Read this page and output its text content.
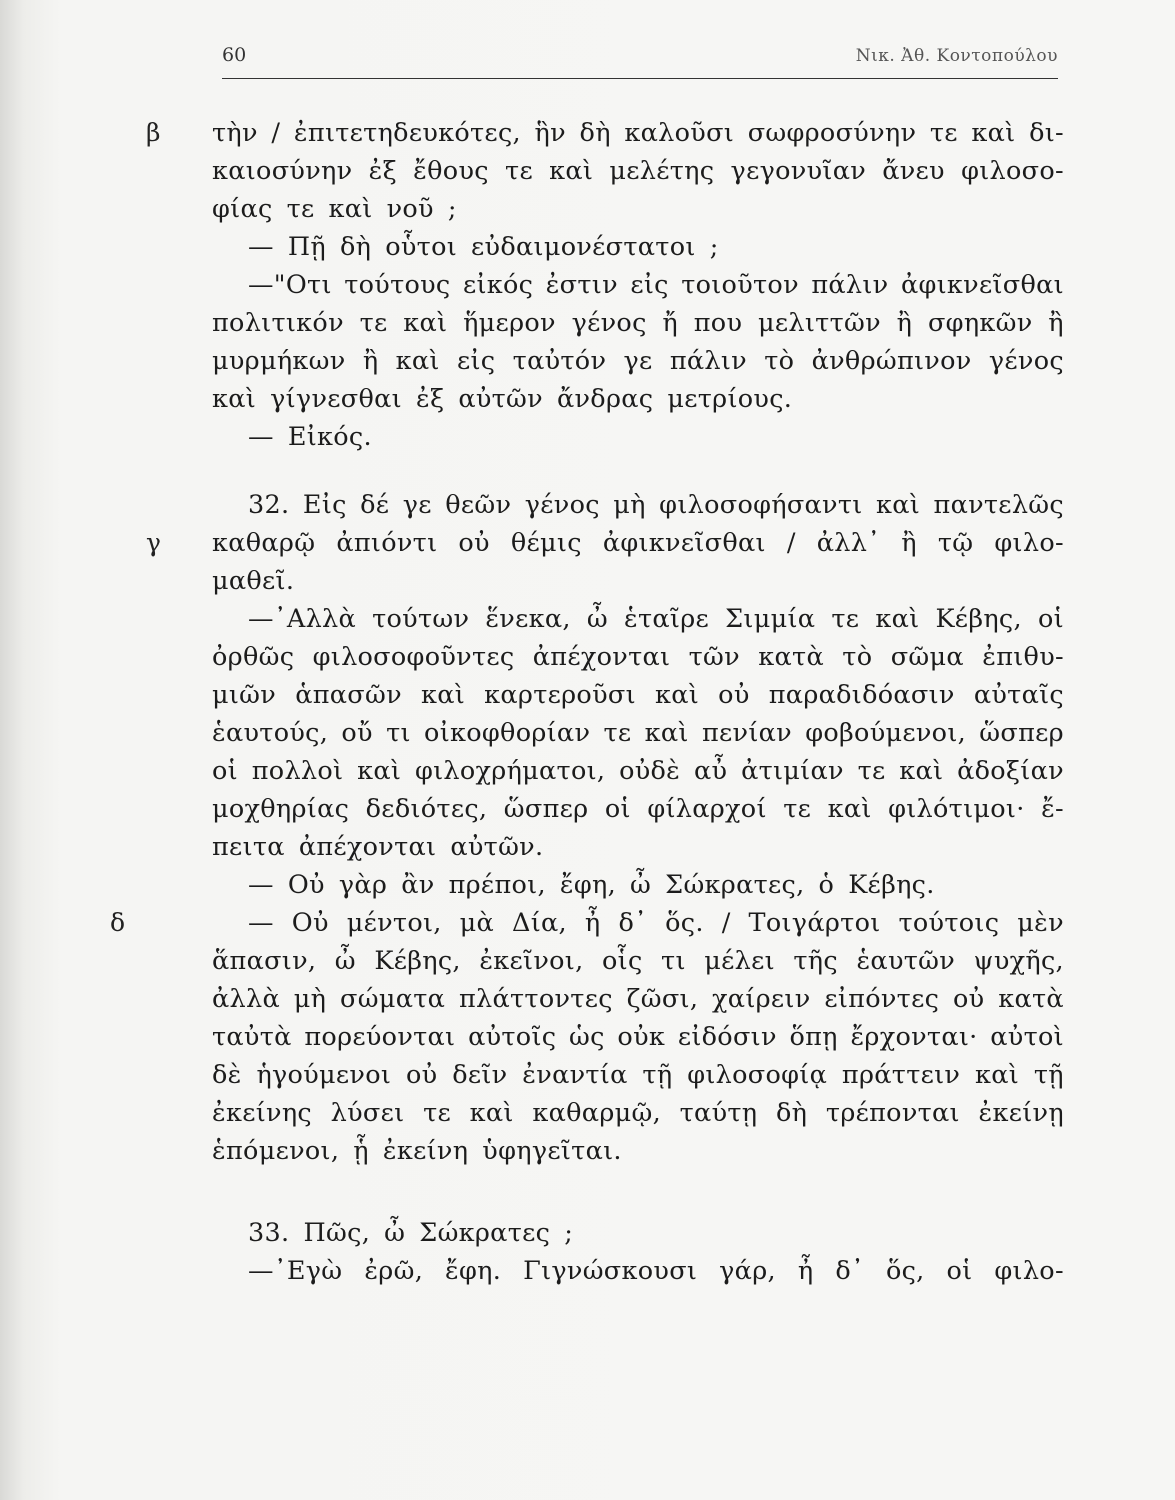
60	Νικ. Ἀθ. Κοντοπούλου
β τὴν / ἐπιτετηδευκότες, ἣν δὴ καλοῦσι σωφροσύνην τε καὶ δι-
καιοσύνην ἐξ ἔθους τε καὶ μελέτης γεγονυῖαν ἄνευ φιλοσο-
φίας τε καὶ νοῦ ;
— Πῇ δὴ οὗτοι εὐδαιμονέστατοι ;
—"Οτι τούτους εἰκός ἐστιν εἰς τοιοῦτον πάλιν ἀφικνεῖσθαι
πολιτικόν τε καὶ ἥμερον γένος ἤ που μελιττῶν ἢ σφηκῶν ἢ
μυρμήκων ἢ καὶ εἰς ταὐτόν γε πάλιν τὸ ἀνθρώπινον γένος
καὶ γίγνεσθαι ἐξ αὐτῶν ἄνδρας μετρίους.
— Εἰκός.
32. Εἰς δέ γε θεῶν γένος μὴ φιλοσοφήσαντι καὶ παντελῶς
γ καθαρῷ ἀπιόντι οὐ θέμις ἀφικνεῖσθαι / ἀλλ᾽ ἢ τῷ φιλο-
μαθεῖ.
—᾽Αλλὰ τούτων ἕνεκα, ὦ ἑταῖρε Σιμμία τε καὶ Κέβης, οἱ
ὀρθῶς φιλοσοφοῦντες ἀπέχονται τῶν κατὰ τὸ σῶμα ἐπιθυ-
μιῶν ἁπασῶν καὶ καρτεροῦσι καὶ οὐ παραδιδόασιν αὐταῖς
ἑαυτούς, οὔ τι οἰκοφθορίαν τε καὶ πενίαν φοβούμενοι, ὥσπερ
οἱ πολλοὶ καὶ φιλοχρήματοι, οὐδὲ αὖ ἀτιμίαν τε καὶ ἀδοξίαν
μοχθηρίας δεδιότες, ὥσπερ οἱ φίλαρχοί τε καὶ φιλότιμοι· ἔ-
πειτα ἀπέχονται αὐτῶν.
— Οὐ γὰρ ἂν πρέποι, ἔφη, ὦ Σώκρατες, ὁ Κέβης.
δ	— Οὐ μέντοι, μὰ Δία, ἦ δ᾽ ὅς. / Τοιγάρτοι τούτοις μὲν
ἅπασιν, ὦ Κέβης, ἐκεῖνοι, οἷς τι μέλει τῆς ἑαυτῶν ψυχῆς,
ἀλλὰ μὴ σώματα πλάττοντες ζῶσι, χαίρειν εἰπόντες οὐ κατὰ
ταὐτὰ πορεύονται αὐτοῖς ὡς οὐκ εἰδόσιν ὅπῃ ἔρχονται· αὐτοὶ
δὲ ἡγούμενοι οὐ δεῖν ἐναντία τῇ φιλοσοφίᾳ πράττειν καὶ τῇ
ἐκείνης λύσει τε καὶ καθαρμῷ, ταύτῃ δὴ τρέπονται ἐκείνῃ
ἑπόμενοι, ᾗ ἐκείνη ὑφηγεῖται.
33. Πῶς, ὦ Σώκρατες ;
—᾽Εγὼ ἐρῶ, ἔφη. Γιγνώσκουσι γάρ, ἦ δ᾽ ὅς, οἱ φιλο-
